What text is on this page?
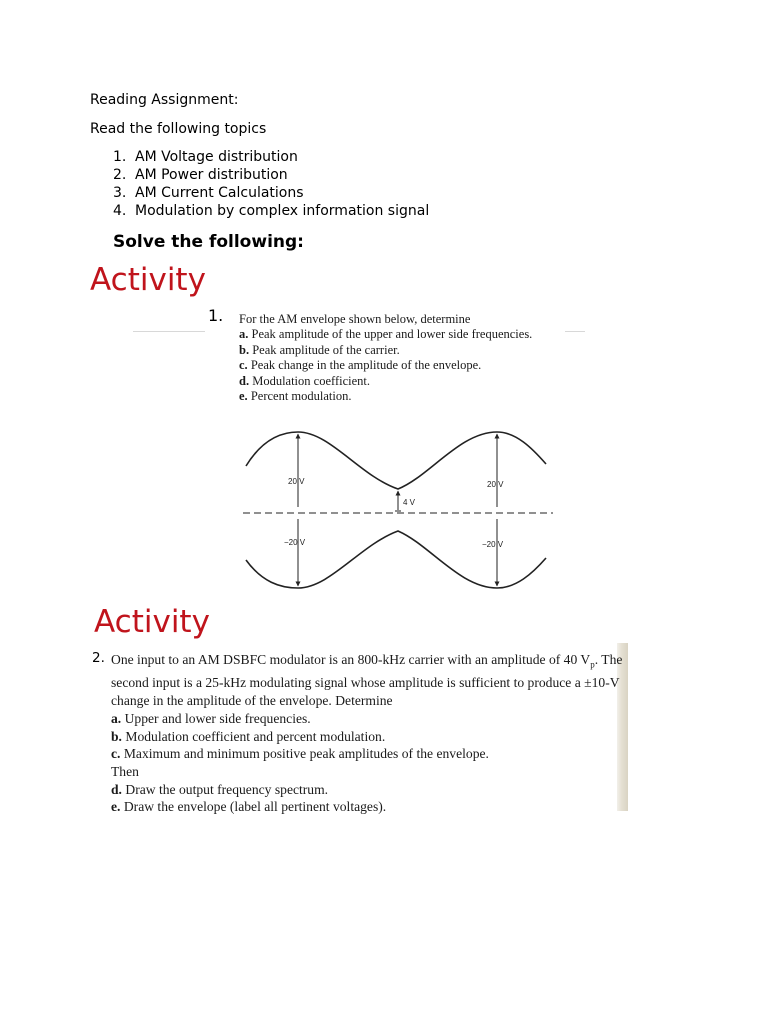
Reading Assignment:
Read the following topics
1. AM Voltage distribution
2. AM Power distribution
3. AM Current Calculations
4. Modulation by complex information signal
Solve the following:
Activity
1. For the AM envelope shown below, determine
a. Peak amplitude of the upper and lower side frequencies.
b. Peak amplitude of the carrier.
c. Peak change in the amplitude of the envelope.
d. Modulation coefficient.
e. Percent modulation.
20 V	20 V
4 V
−20 V	−20 V
Activity
2. One input to an AM DSBFC modulator is an 800-kHz carrier with an amplitude of 40 $V_p$. The
second input is a 25-kHz modulating signal whose amplitude is sufficient to produce a ±10-V
change in the amplitude of the envelope. Determine
a. Upper and lower side frequencies.
b. Modulation coefficient and percent modulation.
c. Maximum and minimum positive peak amplitudes of the envelope.
Then
d. Draw the output frequency spectrum.
e. Draw the envelope (label all pertinent voltages).
